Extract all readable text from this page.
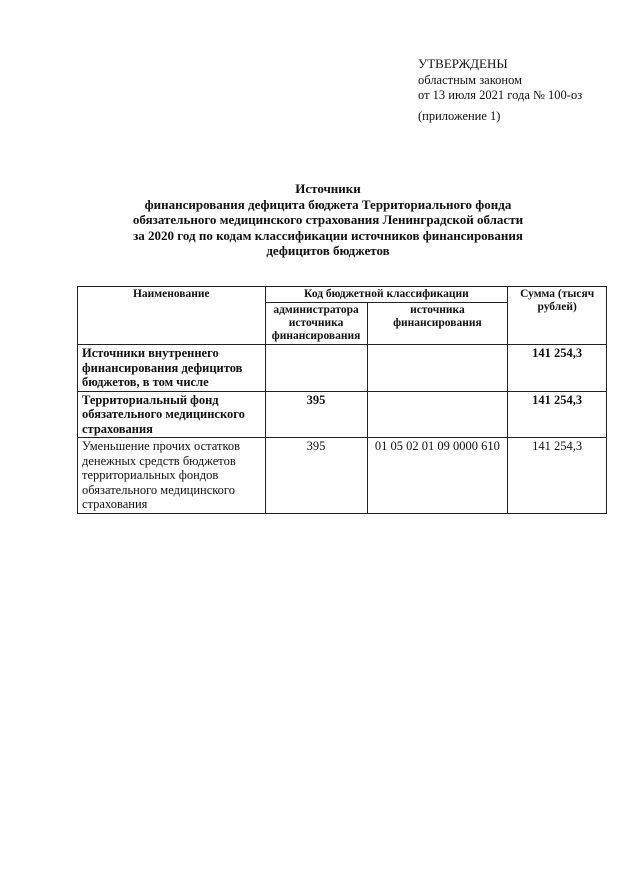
УТВЕРЖДЕНЫ
областным законом
от 13 июля 2021 года № 100-оз
(приложение 1)
Источники
финансирования дефицита бюджета Территориального фонда
обязательного медицинского страхования Ленинградской области
за 2020 год по кодам классификации источников финансирования
дефицитов бюджетов
Наименование	Код бюджетной классификации		Сумма (тысяч рублей)
	администратора источника финансирования	источника финансирования	
Источники внутреннего финансирования дефицитов бюджетов, в том числе			141 254,3
Территориальный фонд обязательного медицинского страхования	395		141 254,3
Уменьшение прочих остатков денежных средств бюджетов территориальных фондов обязательного медицинского страхования	395	01 05 02 01 09 0000 610	141 254,3
